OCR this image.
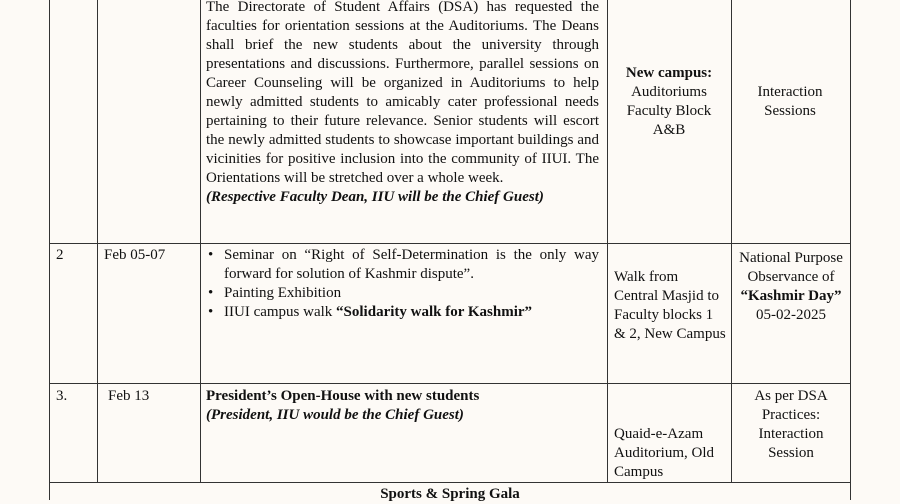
The Directorate of Student Affairs (DSA) has requested the faculties for orientation sessions at the Auditoriums. The Deans shall brief the new students about the university through presentations and discussions. Furthermore, parallel sessions on Career Counseling will be organized in Auditoriums to help newly admitted students to amicably cater professional needs pertaining to their future relevance. Senior students will escort the newly admitted students to showcase important buildings and vicinities for positive inclusion into the community of IIUI. The Orientations will be stretched over a whole week.
(Respective Faculty Dean, IIU will be the Chief Guest)
New campus:
Auditoriums Faculty Block A&B
Interaction Sessions
2	Feb 05-07
•	Seminar on “Right of Self-Determination is the only way forward for solution of Kashmir dispute”.
• Painting Exhibition
• IIUI campus walk “Solidarity walk for Kashmir”
Walk from Central Masjid to Faculty blocks 1 & 2, New Campus
National Purpose Observance of
“Kashmir Day”
05-02-2025
3.	Feb 13	President’s Open-House with new students
(President, IIU would be the Chief Guest)
Quaid-e-Azam Auditorium, Old Campus
As per DSA Practices: Interaction Session
Sports & Spring Gala
